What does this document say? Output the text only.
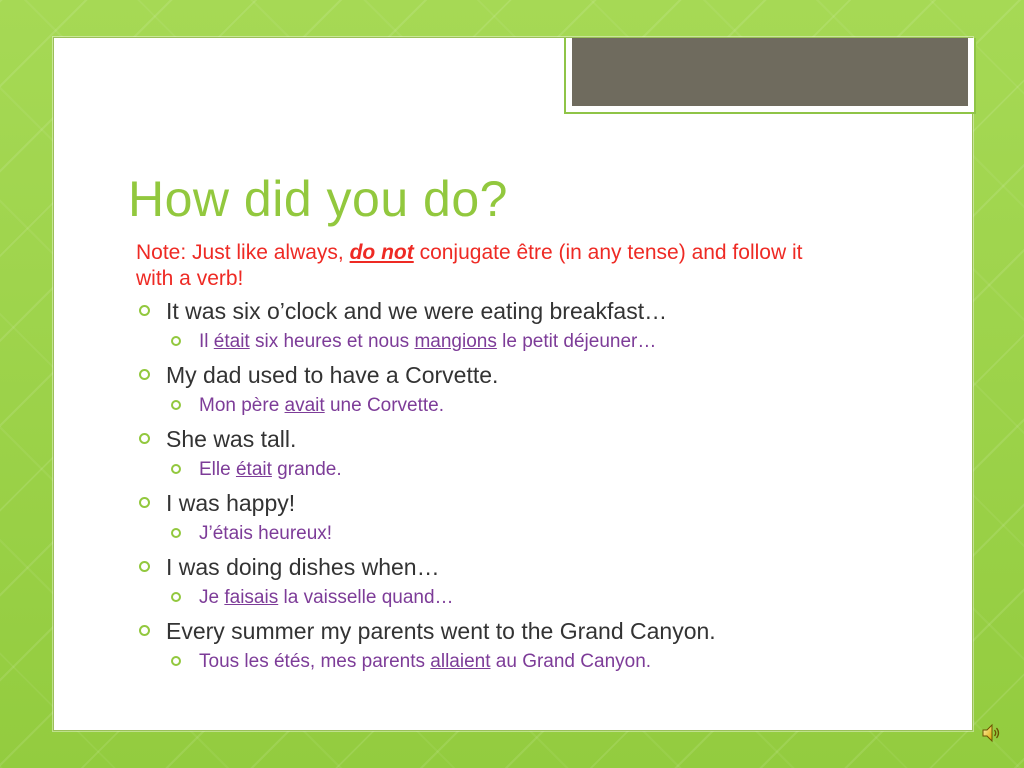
How did you do?

Note: Just like always, do not conjugate être (in any tense) and follow it with a verb!

It was six o’clock and we were eating breakfast…
Il était six heures et nous mangions le petit déjeuner…
My dad used to have a Corvette.
Mon père avait une Corvette.
She was tall.
Elle était grande.
I was happy!
J’étais heureux!
I was doing dishes when…
Je faisais la vaisselle quand…
Every summer my parents went to the Grand Canyon.
Tous les étés, mes parents allaient au Grand Canyon.
